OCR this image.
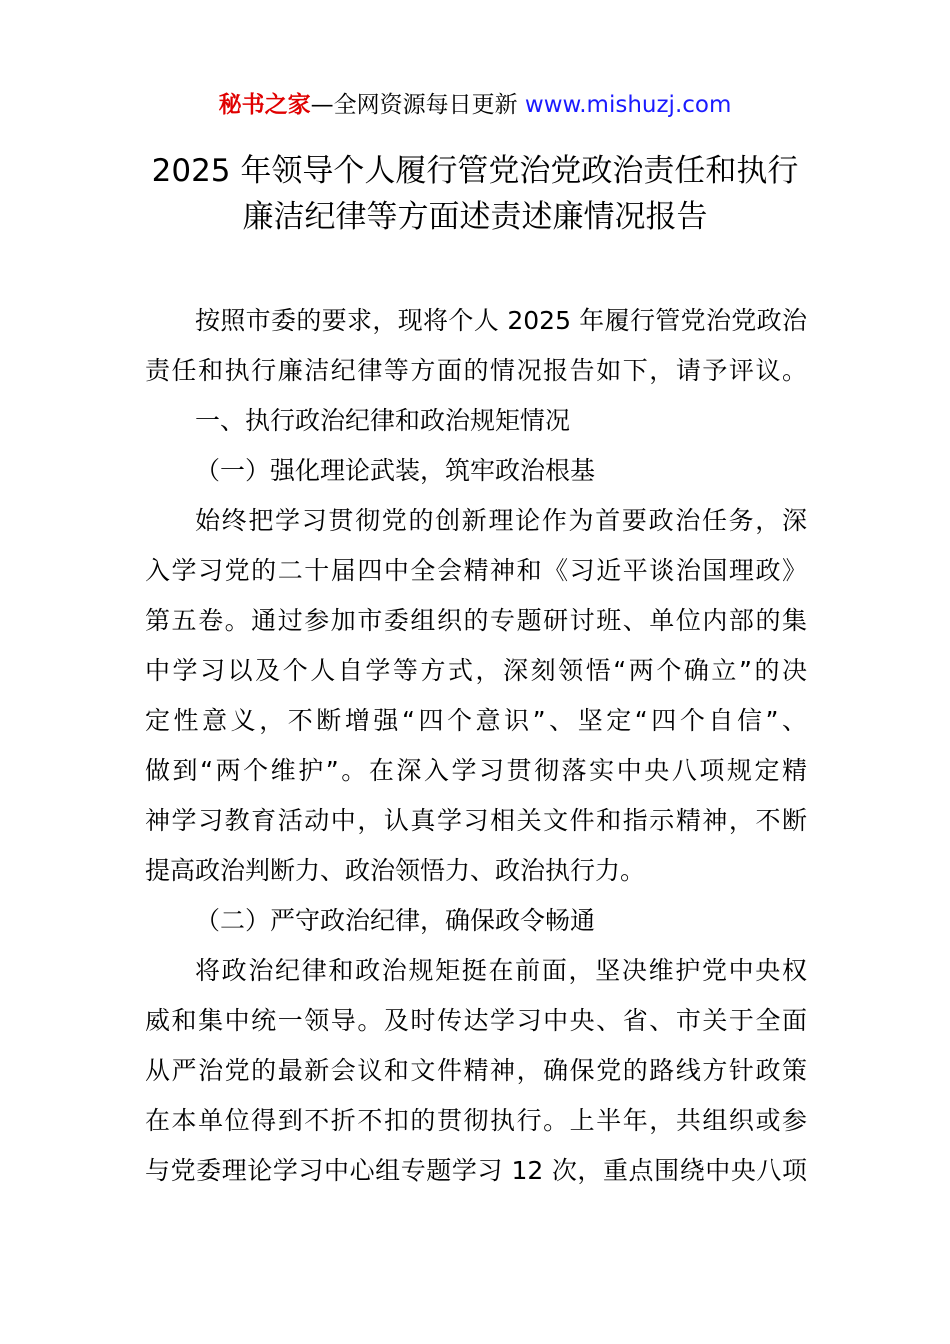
秘书之家—全网资源每日更新 www.mishuzj.com
2025 年领导个人履行管党治党政治责任和执行
廉洁纪律等方面述责述廉情况报告
按照市委的要求，现将个人 2025 年履行管党治党政治
责任和执行廉洁纪律等方面的情况报告如下，请予评议。
一、执行政治纪律和政治规矩情况
（一）强化理论武装，筑牢政治根基
始终把学习贯彻党的创新理论作为首要政治任务，深
入学习党的二十届四中全会精神和《习近平谈治国理政》
第五卷。通过参加市委组织的专题研讨班、单位内部的集
中学习以及个人自学等方式，深刻领悟“两个确立”的决
定性意义，不断增强“四个意识”、坚定“四个自信”、
做到“两个维护”。在深入学习贯彻落实中央八项规定精
神学习教育活动中，认真学习相关文件和指示精神，不断
提高政治判断力、政治领悟力、政治执行力。
（二）严守政治纪律，确保政令畅通
将政治纪律和政治规矩挺在前面，坚决维护党中央权
威和集中统一领导。及时传达学习中央、省、市关于全面
从严治党的最新会议和文件精神，确保党的路线方针政策
在本单位得到不折不扣的贯彻执行。上半年，共组织或参
与党委理论学习中心组专题学习 12 次，重点围绕中央八项
